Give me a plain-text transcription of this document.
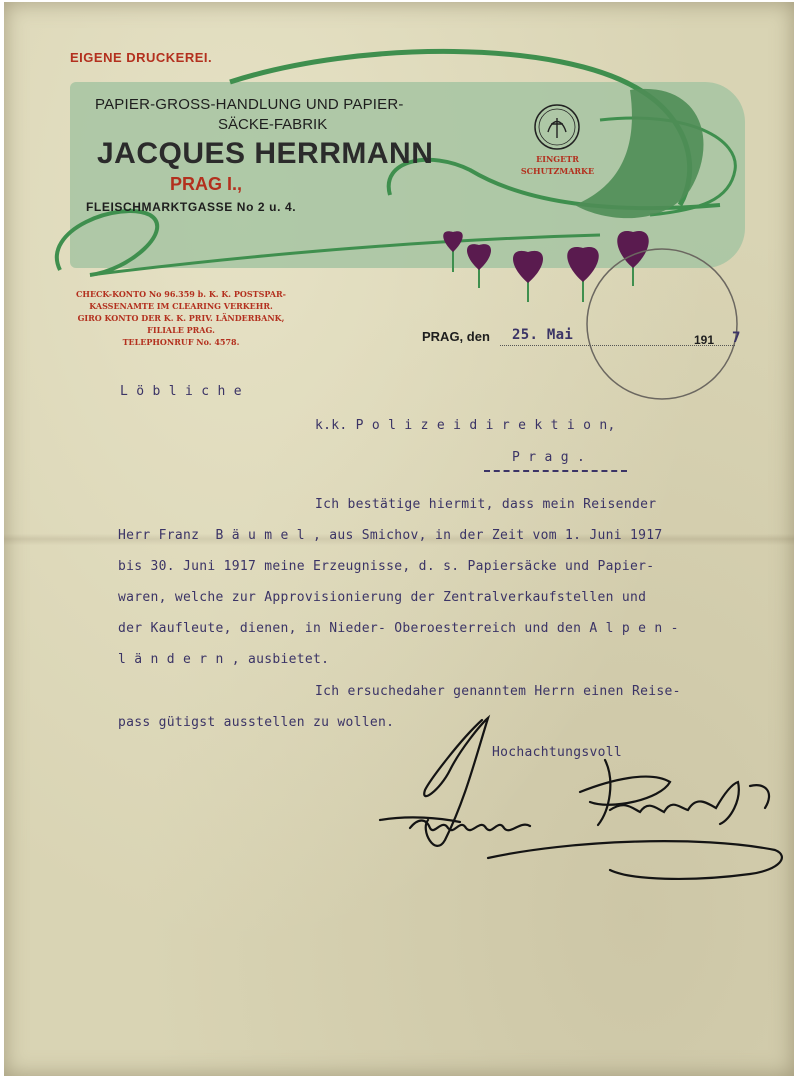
EIGENE DRUCKEREI.
PAPIER-GROSS-HANDLUNG UND PAPIER-
SÄCKE-FABRIK
JACQUES HERRMANN
PRAG I.,
FLEISCHMARKTGASSE No 2 u. 4.
EINGETR
SCHUTZMARKE
CHECK-KONTO No 96.359 b. K. K. POSTSPAR-
KASSENAMTE IM CLEARING VERKEHR.
GIRO KONTO DER K. K. PRIV. LÄNDERBANK,
FILIALE PRAG.
TELEPHONRUF No. 4578.	PRAG, den 25. Mai	191 7
L ö b l i c h e
k.k. P o l i z e i d i r e k t i o n,
P r a g .
Ich bestätige hiermit, dass mein Reisender
Herr Franz  B ä u m e l , aus Smichov, in der Zeit vom 1. Juni 1917
bis 30. Juni 1917 meine Erzeugnisse, d. s. Papiersäcke und Papier-
waren, welche zur Approvisionierung der Zentralverkaufstellen und
der Kaufleute, dienen, in Nieder- Oberoesterreich und den A l p e n -
l ä n d e r n , ausbietet.
Ich ersuchedaher genanntem Herrn einen Reise-
pass gütigst ausstellen zu wollen.
Hochachtungsvoll
